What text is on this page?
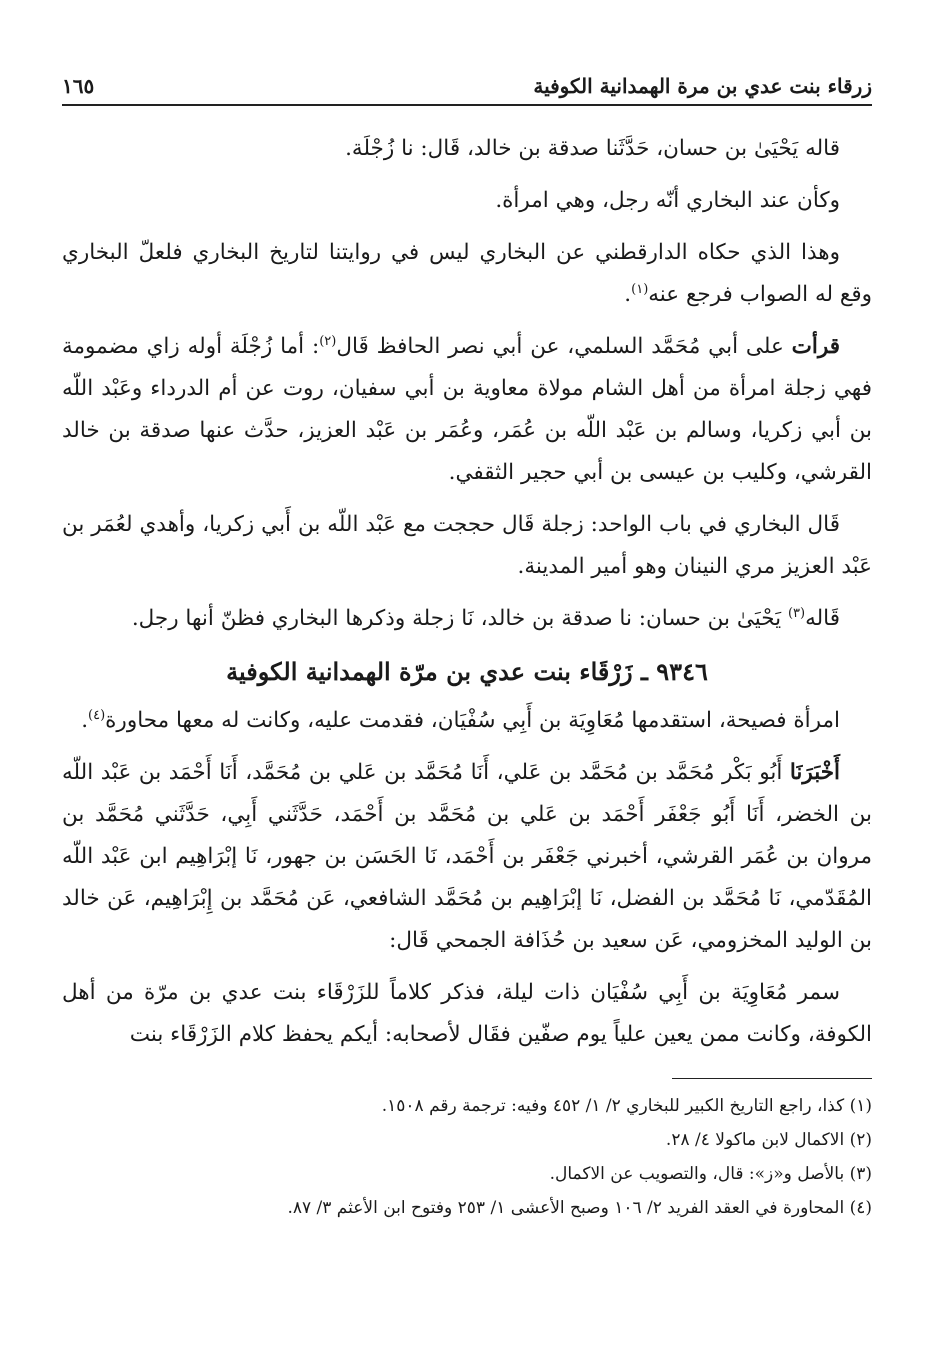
زرقاء بنت عدي بن مرة الهمدانية الكوفية
١٦٥

قاله يَحْيَىٰ بن حسان، حَدَّثَنا صدقة بن خالد، قَال: نا زُجْلَة.

وكأن عند البخاري أنّه رجل، وهي امرأة.

وهذا الذي حكاه الدارقطني عن البخاري ليس في روايتنا لتاريخ البخاري فلعلّ البخاري وقع له الصواب فرجع عنه$^{(١)}$.

قرأت على أبي مُحَمَّد السلمي، عن أبي نصر الحافظ قَال$^{(٢)}$: أما زُجْلَة أوله زاي مضمومة فهي زجلة امرأة من أهل الشام مولاة معاوية بن أبي سفيان، روت عن أم الدرداء وعَبْد اللّه بن أبي زكريا، وسالم بن عَبْد اللّه بن عُمَر، وعُمَر بن عَبْد العزيز، حدَّث عنها صدقة بن خالد القرشي، وكليب بن عيسى بن أبي حجير الثقفي.

قَال البخاري في باب الواحد: زجلة قَال حججت مع عَبْد اللّه بن أَبي زكريا، وأهدي لعُمَر بن عَبْد العزيز مري النينان وهو أمير المدينة.

قَاله$^{(٣)}$ يَحْيَىٰ بن حسان: نا صدقة بن خالد، نَا زجلة وذكرها البخاري فظنّ أنها رجل.

٩٣٤٦ ـ زَرْقَاء بنت عدي بن مرّة الهمدانية الكوفية

امرأة فصيحة، استقدمها مُعَاوِيَة بن أَبِي سُفْيَان، فقدمت عليه، وكانت له معها محاورة$^{(٤)}$.

أَخْبَرَنَا أَبُو بَكْر مُحَمَّد بن مُحَمَّد بن عَلي، أَنَا مُحَمَّد بن عَلي بن مُحَمَّد، أَنَا أَحْمَد بن عَبْد اللّه بن الخضر، أَنَا أَبُو جَعْفَر أَحْمَد بن عَلي بن مُحَمَّد بن أَحْمَد، حَدَّثَني أَبِي، حَدَّثَني مُحَمَّد بن مروان بن عُمَر القرشي، أخبرني جَعْفَر بن أَحْمَد، نَا الحَسَن بن جهور، نَا إبْرَاهِيم ابن عَبْد اللّه المُقَدّمي، نَا مُحَمَّد بن الفضل، نَا إبْرَاهِيم بن مُحَمَّد الشافعي، عَن مُحَمَّد بن إِبْرَاهِيم، عَن خالد بن الوليد المخزومي، عَن سعيد بن حُذَافة الجمحي قَال:

سمر مُعَاوِيَة بن أَبِي سُفْيَان ذات ليلة، فذكر كلاماً للزَرْقَاء بنت عدي بن مرّة من أهل الكوفة، وكانت ممن يعين علياً يوم صفّين فقَال لأصحابه: أيكم يحفظ كلام الزَرْقَاء بنت

(١) كذا، راجع التاريخ الكبير للبخاري ٢/ ١/ ٤٥٢ وفيه: ترجمة رقم ١٥٠٨.
(٢) الاكمال لابن ماكولا ٤/ ٢٨.
(٣) بالأصل و«ز»: قال، والتصويب عن الاكمال.
(٤) المحاورة في العقد الفريد ٢/ ١٠٦ وصبح الأعشى ١/ ٢٥٣ وفتوح ابن الأعثم ٣/ ٨٧.
